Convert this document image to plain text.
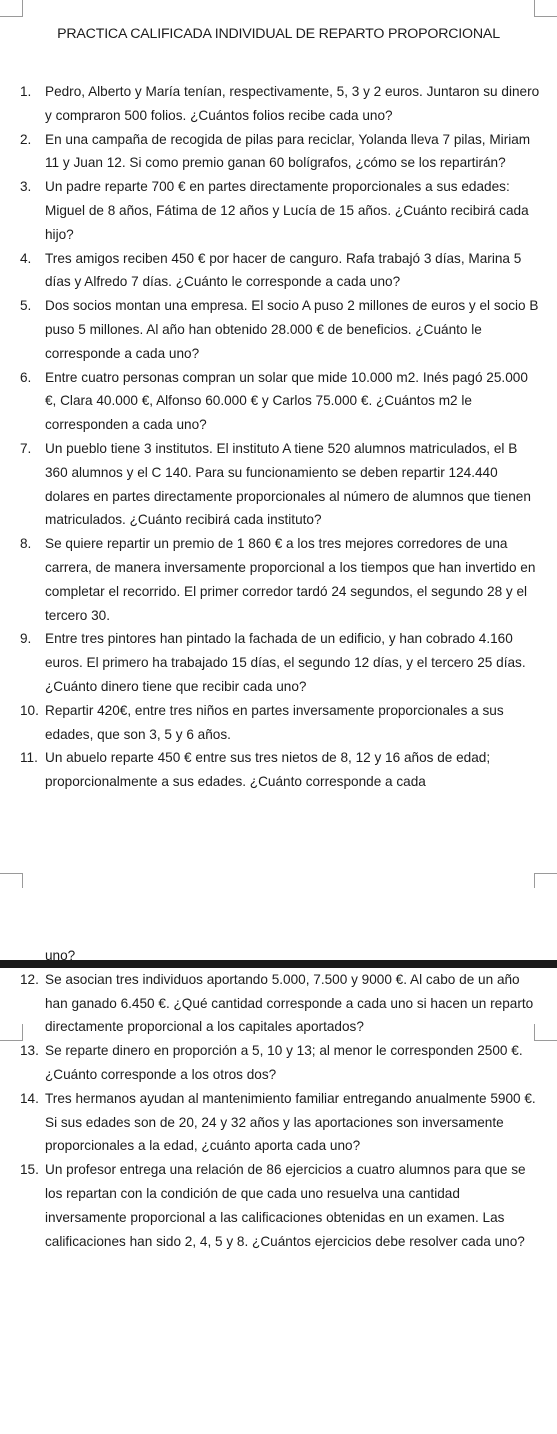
PRACTICA CALIFICADA INDIVIDUAL DE REPARTO PROPORCIONAL
1. Pedro, Alberto y María tenían, respectivamente, 5, 3 y 2 euros. Juntaron su dinero y compraron 500 folios. ¿Cuántos folios recibe cada uno?
2. En una campaña de recogida de pilas para reciclar, Yolanda lleva 7 pilas, Miriam 11 y Juan 12. Si como premio ganan 60 bolígrafos, ¿cómo se los repartirán?
3. Un padre reparte 700 € en partes directamente proporcionales a sus edades: Miguel de 8 años, Fátima de 12 años y Lucía de 15 años. ¿Cuánto recibirá cada hijo?
4. Tres amigos reciben 450 € por hacer de canguro. Rafa trabajó 3 días, Marina 5 días y Alfredo 7 días. ¿Cuánto le corresponde a cada uno?
5. Dos socios montan una empresa. El socio A puso 2 millones de euros y el socio B puso 5 millones. Al año han obtenido 28.000 € de beneficios. ¿Cuánto le corresponde a cada uno?
6. Entre cuatro personas compran un solar que mide 10.000 m2. Inés pagó 25.000 €, Clara 40.000 €, Alfonso 60.000 € y Carlos 75.000 €. ¿Cuántos m2 le corresponden a cada uno?
7. Un pueblo tiene 3 institutos. El instituto A tiene 520 alumnos matriculados, el B 360 alumnos y el C 140. Para su funcionamiento se deben repartir 124.440 dolares en partes directamente proporcionales al número de alumnos que tienen matriculados. ¿Cuánto recibirá cada instituto?
8. Se quiere repartir un premio de 1 860 € a los tres mejores corredores de una carrera, de manera inversamente proporcional a los tiempos que han invertido en completar el recorrido. El primer corredor tardó 24 segundos, el segundo 28 y el tercero 30.
9. Entre tres pintores han pintado la fachada de un edificio, y han cobrado 4.160 euros. El primero ha trabajado 15 días, el segundo 12 días, y el tercero 25 días. ¿Cuánto dinero tiene que recibir cada uno?
10. Repartir 420€, entre tres niños en partes inversamente proporcionales a sus edades, que son 3, 5 y 6 años.
11. Un abuelo reparte 450 € entre sus tres nietos de 8, 12 y 16 años de edad; proporcionalmente a sus edades. ¿Cuánto corresponde a cada
uno?
12. Se asocian tres individuos aportando 5.000, 7.500 y 9000 €. Al cabo de un año han ganado 6.450 €. ¿Qué cantidad corresponde a cada uno si hacen un reparto directamente proporcional a los capitales aportados?
13. Se reparte dinero en proporción a 5, 10 y 13; al menor le corresponden 2500 €. ¿Cuánto corresponde a los otros dos?
14. Tres hermanos ayudan al mantenimiento familiar entregando anualmente 5900 €. Si sus edades son de 20, 24 y 32 años y las aportaciones son inversamente proporcionales a la edad, ¿cuánto aporta cada uno?
15. Un profesor entrega una relación de 86 ejercicios a cuatro alumnos para que se los repartan con la condición de que cada uno resuelva una cantidad inversamente proporcional a las calificaciones obtenidas en un examen. Las calificaciones han sido 2, 4, 5 y 8. ¿Cuántos ejercicios debe resolver cada uno?
